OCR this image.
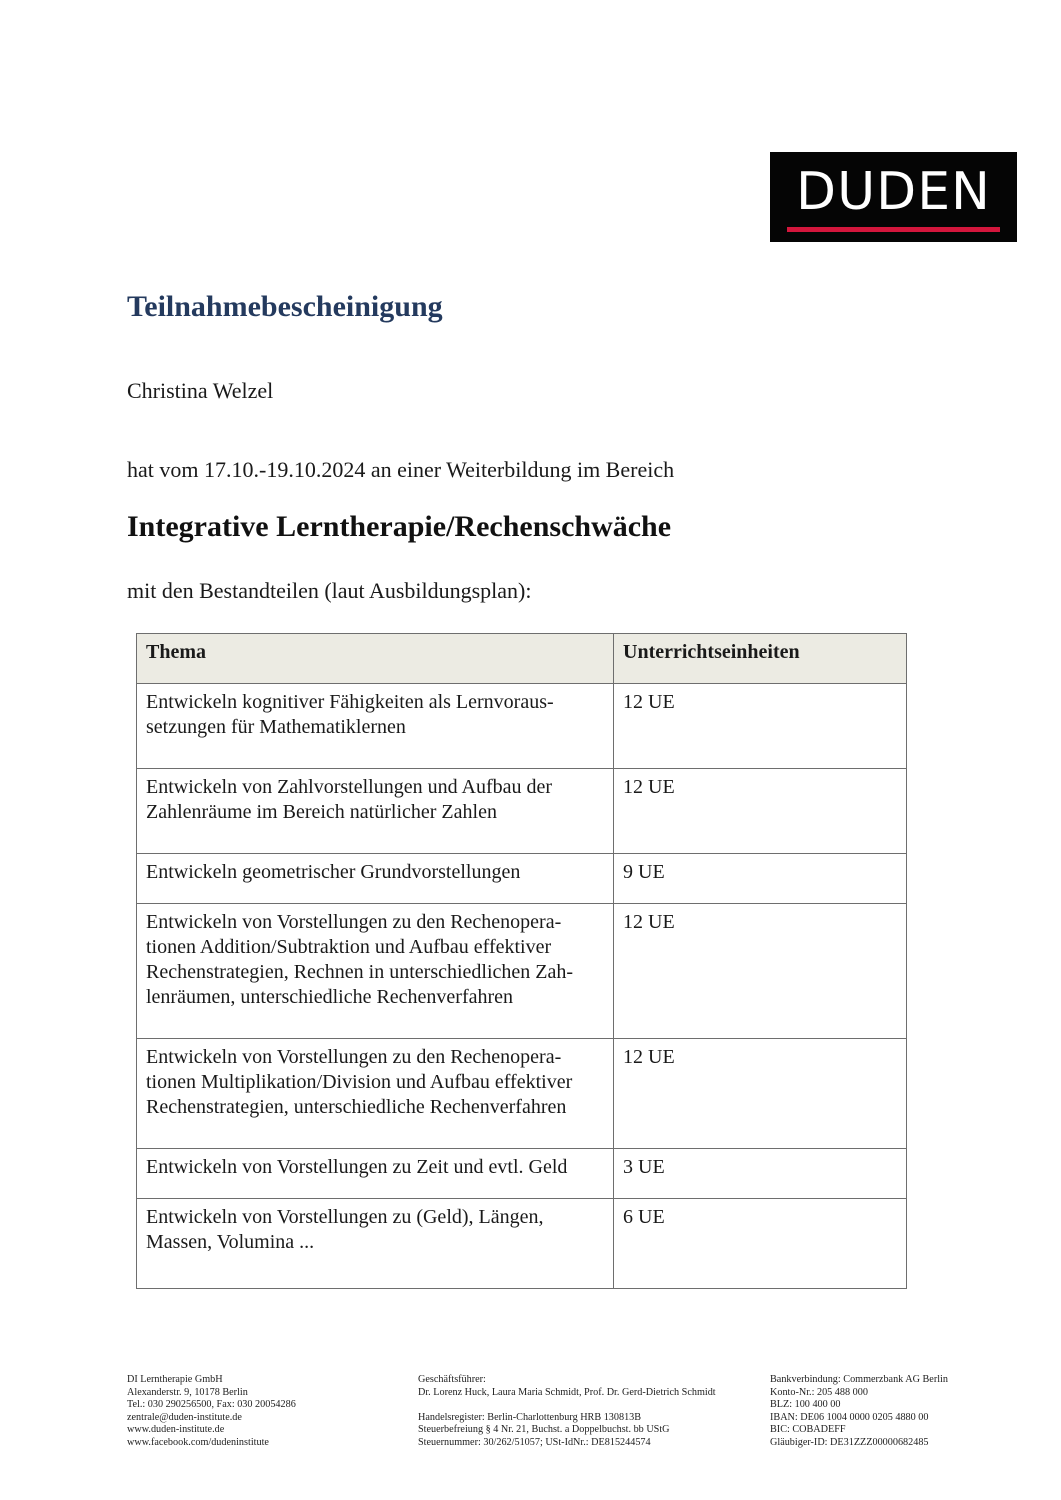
DUDEN
Teilnahmebescheinigung
Christina Welzel
hat vom 17.10.-19.10.2024 an einer Weiterbildung im Bereich
Integrative Lerntherapie/Rechenschwäche
mit den Bestandteilen (laut Ausbildungsplan):
Thema	Unterrichtseinheiten
Entwickeln kognitiver Fähigkeiten als Lernvoraus-setzungen für Mathematiklernen	12 UE
Entwickeln von Zahlvorstellungen und Aufbau der Zahlenräume im Bereich natürlicher Zahlen	12 UE
Entwickeln geometrischer Grundvorstellungen	9 UE
Entwickeln von Vorstellungen zu den Rechenopera-tionen Addition/Subtraktion und Aufbau effektiver Rechenstrategien, Rechnen in unterschiedlichen Zah-lenräumen, unterschiedliche Rechenverfahren	12 UE
Entwickeln von Vorstellungen zu den Rechenopera-tionen Multiplikation/Division und Aufbau effektiver Rechenstrategien, unterschiedliche Rechenverfahren	12 UE
Entwickeln von Vorstellungen zu Zeit und evtl. Geld	3 UE
Entwickeln von Vorstellungen zu (Geld), Längen, Massen, Volumina ...	6 UE
DI Lerntherapie GmbH
Alexanderstr. 9, 10178 Berlin
Tel.: 030 290256500, Fax: 030 20054286
zentrale@duden-institute.de
www.duden-institute.de
www.facebook.com/dudeninstitute
Geschäftsführer:
Dr. Lorenz Huck, Laura Maria Schmidt, Prof. Dr. Gerd-Dietrich Schmidt
Handelsregister: Berlin-Charlottenburg HRB 130813B
Steuerbefreiung § 4 Nr. 21, Buchst. a Doppelbuchst. bb UStG
Steuernummer: 30/262/51057; USt-IdNr.: DE815244574
Bankverbindung: Commerzbank AG Berlin
Konto-Nr.: 205 488 000
BLZ: 100 400 00
IBAN: DE06 1004 0000 0205 4880 00
BIC: COBADEFF
Gläubiger-ID: DE31ZZZ00000682485
